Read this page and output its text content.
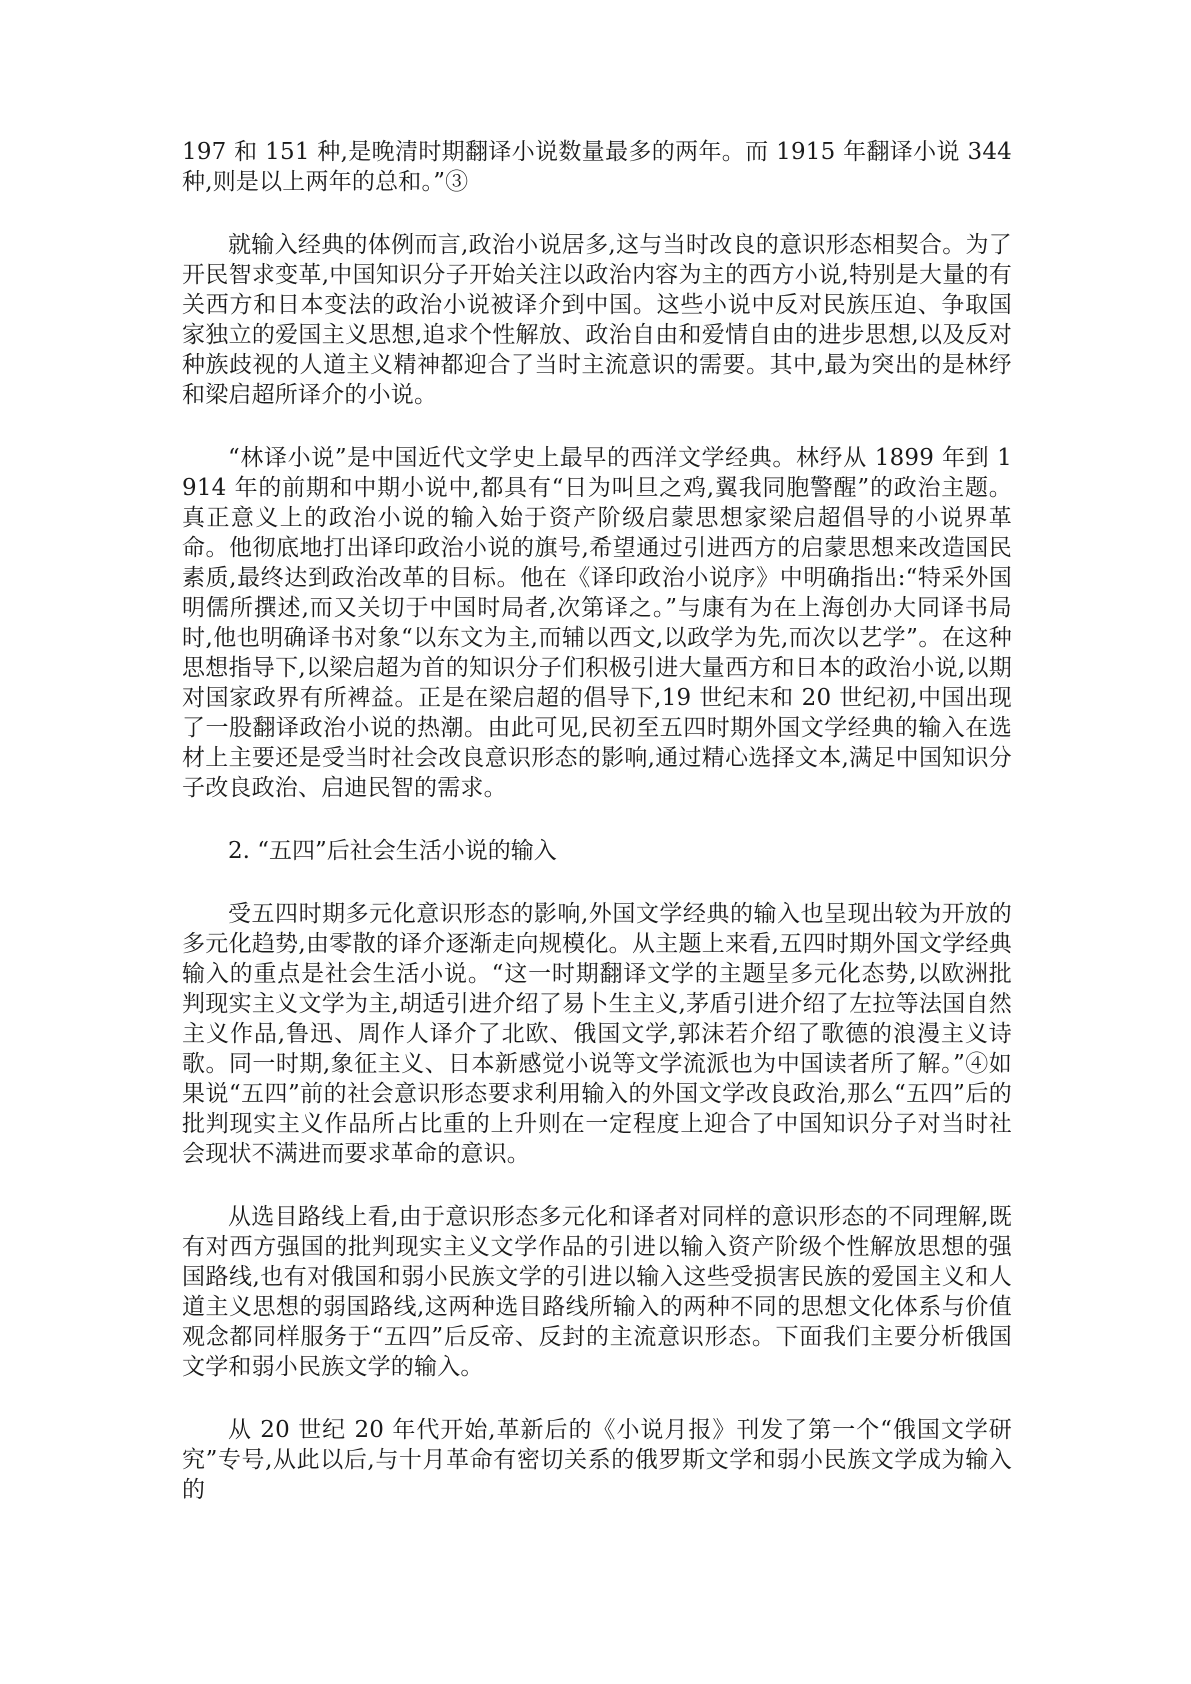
197 和 151 种,是晚清时期翻译小说数量最多的两年。而 1915 年翻译小说 344 种,则是以上两年的总和。”③

就输入经典的体例而言,政治小说居多,这与当时改良的意识形态相契合。为了开民智求变革,中国知识分子开始关注以政治内容为主的西方小说,特别是大量的有关西方和日本变法的政治小说被译介到中国。这些小说中反对民族压迫、争取国家独立的爱国主义思想,追求个性解放、政治自由和爱情自由的进步思想,以及反对种族歧视的人道主义精神都迎合了当时主流意识的需要。其中,最为突出的是林纾和梁启超所译介的小说。

“林译小说”是中国近代文学史上最早的西洋文学经典。林纾从 1899 年到 1914 年的前期和中期小说中,都具有“日为叫旦之鸡,翼我同胞警醒”的政治主题。真正意义上的政治小说的输入始于资产阶级启蒙思想家梁启超倡导的小说界革命。他彻底地打出译印政治小说的旗号,希望通过引进西方的启蒙思想来改造国民素质,最终达到政治改革的目标。他在《译印政治小说序》中明确指出:“特采外国明儒所撰述,而又关切于中国时局者,次第译之。”与康有为在上海创办大同译书局时,他也明确译书对象“以东文为主,而辅以西文,以政学为先,而次以艺学”。在这种思想指导下,以梁启超为首的知识分子们积极引进大量西方和日本的政治小说,以期对国家政界有所裨益。正是在梁启超的倡导下,19 世纪末和 20 世纪初,中国出现了一股翻译政治小说的热潮。由此可见,民初至五四时期外国文学经典的输入在选材上主要还是受当时社会改良意识形态的影响,通过精心选择文本,满足中国知识分子改良政治、启迪民智的需求。

2. “五四”后社会生活小说的输入

受五四时期多元化意识形态的影响,外国文学经典的输入也呈现出较为开放的多元化趋势,由零散的译介逐渐走向规模化。从主题上来看,五四时期外国文学经典输入的重点是社会生活小说。“这一时期翻译文学的主题呈多元化态势,以欧洲批判现实主义文学为主,胡适引进介绍了易卜生主义,茅盾引进介绍了左拉等法国自然主义作品,鲁迅、周作人译介了北欧、俄国文学,郭沫若介绍了歌德的浪漫主义诗歌。同一时期,象征主义、日本新感觉小说等文学流派也为中国读者所了解。”④如果说“五四”前的社会意识形态要求利用输入的外国文学改良政治,那么“五四”后的批判现实主义作品所占比重的上升则在一定程度上迎合了中国知识分子对当时社会现状不满进而要求革命的意识。

从选目路线上看,由于意识形态多元化和译者对同样的意识形态的不同理解,既有对西方强国的批判现实主义文学作品的引进以输入资产阶级个性解放思想的强国路线,也有对俄国和弱小民族文学的引进以输入这些受损害民族的爱国主义和人道主义思想的弱国路线,这两种选目路线所输入的两种不同的思想文化体系与价值观念都同样服务于“五四”后反帝、反封的主流意识形态。下面我们主要分析俄国文学和弱小民族文学的输入。

从 20 世纪 20 年代开始,革新后的《小说月报》刊发了第一个“俄国文学研究”专号,从此以后,与十月革命有密切关系的俄罗斯文学和弱小民族文学成为输入的
